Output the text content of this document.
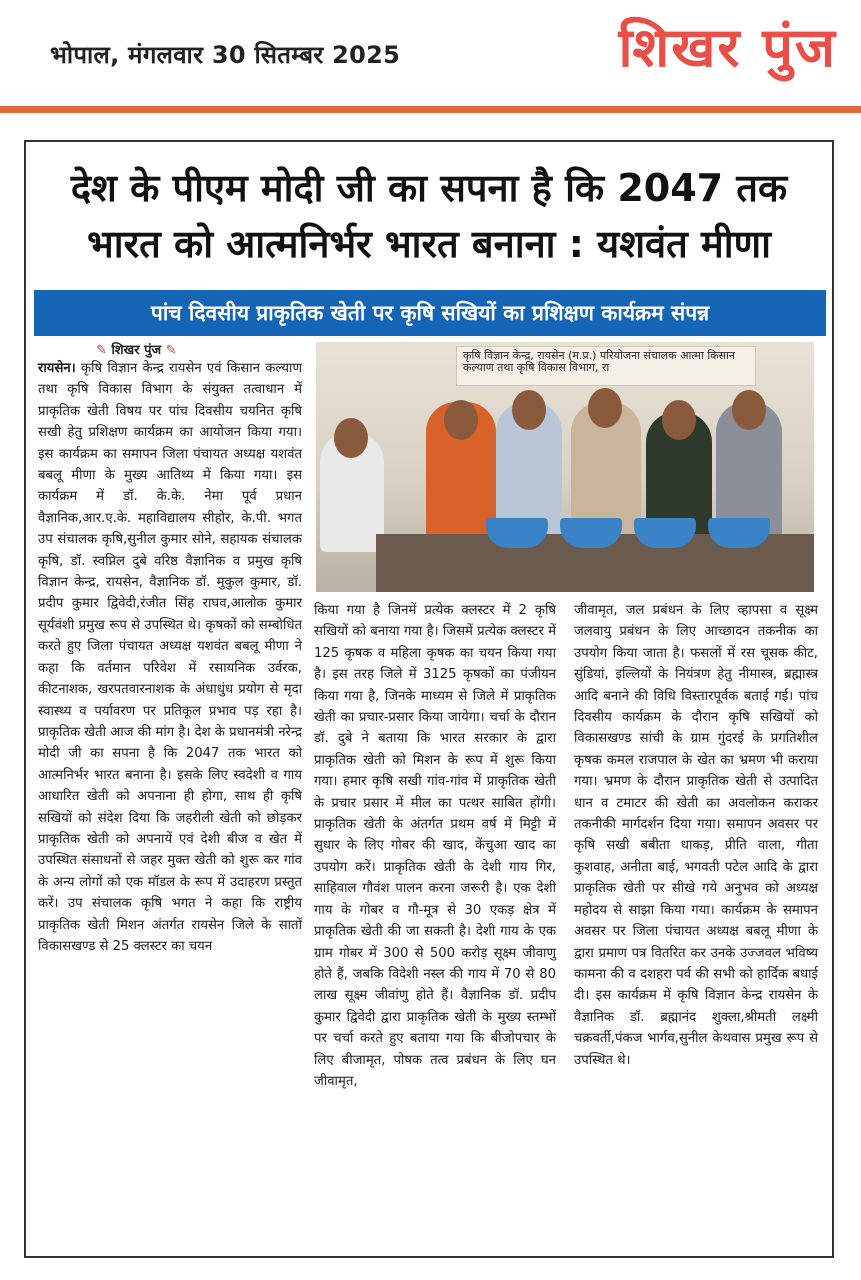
भोपाल, मंगलवार 30 सितम्बर 2025	शिखर पुंज
देश के पीएम मोदी जी का सपना है कि 2047 तक भारत को आत्मनिर्भर भारत बनाना : यशवंत मीणा
पांच दिवसीय प्राकृतिक खेती पर कृषि सखियों का प्रशिक्षण कार्यक्रम संपन्न
✎ शिखर पुंज ✎	कृषि विज्ञान केन्द्र, रायसेन (म.प्र.) परियोजना संचालक आत्मा किसान कल्याण तथा कृषि विकास विभाग, रा
रायसेन। कृषि विज्ञान केन्द्र रायसेन एवं किसान कल्याण तथा कृषि विकास विभाग के संयुक्त तत्वाधान में प्राकृतिक खेती विषय पर पांच दिवसीय चयनित कृषि सखी हेतु प्रशिक्षण कार्यक्रम का आयोजन किया गया। इस कार्यक्रम का समापन जिला पंचायत अध्यक्ष यशवंत बबलू मीणा के मुख्य आतिथ्य में किया गया। इस कार्यक्रम में डॉ. के.के. नेमा पूर्व प्रधान वैज्ञानिक,आर.ए.के. महाविद्यालय सीहोर, के.पी. भगत उप संचालक कृषि,सुनील कुमार सोने, सहायक संचालक कृषि, डॉ. स्वप्निल दुबे वरिष्ठ वैज्ञानिक व प्रमुख कृषि विज्ञान केन्द्र, रायसेन, वैज्ञानिक डॉ. मुकुल कुमार, डॉ. प्रदीप कुमार द्विवेदी,रंजीत सिंह राघव,आलोक कुमार सूर्यवंशी प्रमुख रूप से उपस्थित थे। कृषकों को सम्बोधित करते हुए जिला पंचायत अध्यक्ष यशवंत बबलू मीणा ने कहा कि वर्तमान परिवेश में रसायनिक उर्वरक, कीटनाशक, खरपतवारनाशक के अंधाधुंध प्रयोग से मृदा स्वास्थ्य व पर्यावरण पर प्रतिकूल प्रभाव पड़ रहा है। प्राकृतिक खेती आज की मांग है। देश के प्रधानमंत्री नरेन्द्र मोदी जी का सपना है कि 2047 तक भारत को आत्मनिर्भर भारत बनाना है। इसके लिए स्वदेशी व गाय आधारित खेती को अपनाना ही होगा, साथ ही कृषि सखियों को संदेश दिया कि जहरीली खेती को छोड़कर प्राकृतिक खेती को अपनायें एवं देशी बीज व खेत में उपस्थित संसाधनों से जहर मुक्त खेती को शुरू कर गांव के अन्य लोगों को एक मॉडल के रूप में उदाहरण प्रस्तुत करें। उप संचालक कृषि भगत ने कहा कि राष्ट्रीय प्राकृतिक खेती मिशन अंतर्गत रायसेन जिले के सातों विकासखण्ड से 25 क्लस्टर का चयन
किया गया है जिनमें प्रत्येक क्लस्टर में 2 कृषि सखियों को बनाया गया है। जिसमें प्रत्येक क्लस्टर में 125 कृषक व महिला कृषक का चयन किया गया है। इस तरह जिले में 3125 कृषकों का पंजीयन किया गया है, जिनके माध्यम से जिले में प्राकृतिक खेती का प्रचार-प्रसार किया जायेगा। चर्चा के दौरान डॉ. दुबे ने बताया कि भारत सरकार के द्वारा प्राकृतिक खेती को मिशन के रूप में शुरू किया गया। हमार कृषि सखी गांव-गांव में प्राकृतिक खेती के प्रचार प्रसार में मील का पत्थर साबित होंगी। प्राकृतिक खेती के अंतर्गत प्रथम वर्ष में मिट्टी में सुधार के लिए गोबर की खाद, केंचुआ खाद का उपयोग करें। प्राकृतिक खेती के देशी गाय गिर, साहिवाल गौवंश पालन करना जरूरी है। एक देशी गाय के गोबर व गौ-मूत्र से 30 एकड़ क्षेत्र में प्राकृतिक खेती की जा सकती है। देशी गाय के एक ग्राम गोबर में 300 से 500 करोड़ सूक्ष्म जीवाणु होते हैं, जबकि विदेशी नस्ल की गाय में 70 से 80 लाख सूक्ष्म जीवांणु होते हैं। वैज्ञानिक डॉ. प्रदीप कुमार द्विवेदी द्वारा प्राकृतिक खेती के मुख्य स्तम्भों पर चर्चा करते हुए बताया गया कि बीजोपचार के लिए बीजामृत, पोषक तत्व प्रबंधन के लिए घन जीवामृत,
जीवामृत, जल प्रबंधन के लिए व्हापसा व सूक्ष्म जलवायु प्रबंधन के लिए आच्छादन तकनीक का उपयोग किया जाता है। फसलों में रस चूसक कीट, सुंडियां, इल्लियों के नियंत्रण हेतु नीमास्त्र, ब्रह्मास्त्र आदि बनाने की विधि विस्तारपूर्वक बताई गई। पांच दिवसीय कार्यक्रम के दौरान कृषि सखियों को विकासखण्ड सांची के ग्राम गुंदरई के प्रगतिशील कृषक कमल राजपाल के खेत का भ्रमण भी कराया गया। भ्रमण के दौरान प्राकृतिक खेती से उत्पादित धान व टमाटर की खेती का अवलोकन कराकर तकनीकी मार्गदर्शन दिया गया। समापन अवसर पर कृषि सखी बबीता धाकड़, प्रीति वाला, गीता कुशवाह, अनीता बाई, भगवती पटेल आदि के द्वारा प्राकृतिक खेती पर सीखे गये अनुभव को अध्यक्ष महोदय से साझा किया गया। कार्यक्रम के समापन अवसर पर जिला पंचायत अध्यक्ष बबलू मीणा के द्वारा प्रमाण पत्र वितरित कर उनके उज्जवल भविष्य कामना की व दशहरा पर्व की सभी को हार्दिक बधाई दी। इस कार्यक्रम में कृषि विज्ञान केन्द्र रायसेन के वैज्ञानिक डॉ. ब्रह्मानंद शुक्ला,श्रीमती लक्ष्मी चक्रवर्ती,पंकज भार्गव,सुनील केथवास प्रमुख रूप से उपस्थित थे।
